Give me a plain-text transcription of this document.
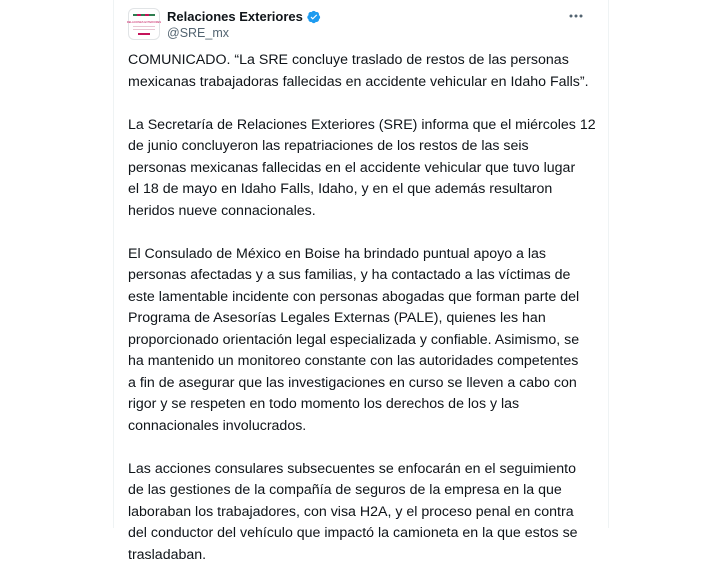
RELACIONES EXTERIORES Relaciones Exteriores
@SRE_mx

COMUNICADO. “La SRE concluye traslado de restos de las personas
mexicanas trabajadoras fallecidas en accidente vehicular en Idaho Falls”.

La Secretaría de Relaciones Exteriores (SRE) informa que el miércoles 12
de junio concluyeron las repatriaciones de los restos de las seis
personas mexicanas fallecidas en el accidente vehicular que tuvo lugar
el 18 de mayo en Idaho Falls, Idaho, y en el que además resultaron
heridos nueve connacionales.

El Consulado de México en Boise ha brindado puntual apoyo a las
personas afectadas y a sus familias, y ha contactado a las víctimas de
este lamentable incidente con personas abogadas que forman parte del
Programa de Asesorías Legales Externas (PALE), quienes les han
proporcionado orientación legal especializada y confiable. Asimismo, se
ha mantenido un monitoreo constante con las autoridades competentes
a fin de asegurar que las investigaciones en curso se lleven a cabo con
rigor y se respeten en todo momento los derechos de los y las
connacionales involucrados.

Las acciones consulares subsecuentes se enfocarán en el seguimiento
de las gestiones de la compañía de seguros de la empresa en la que
laboraban los trabajadores, con visa H2A, y el proceso penal en contra
del conductor del vehículo que impactó la camioneta en la que estos se
trasladaban.
